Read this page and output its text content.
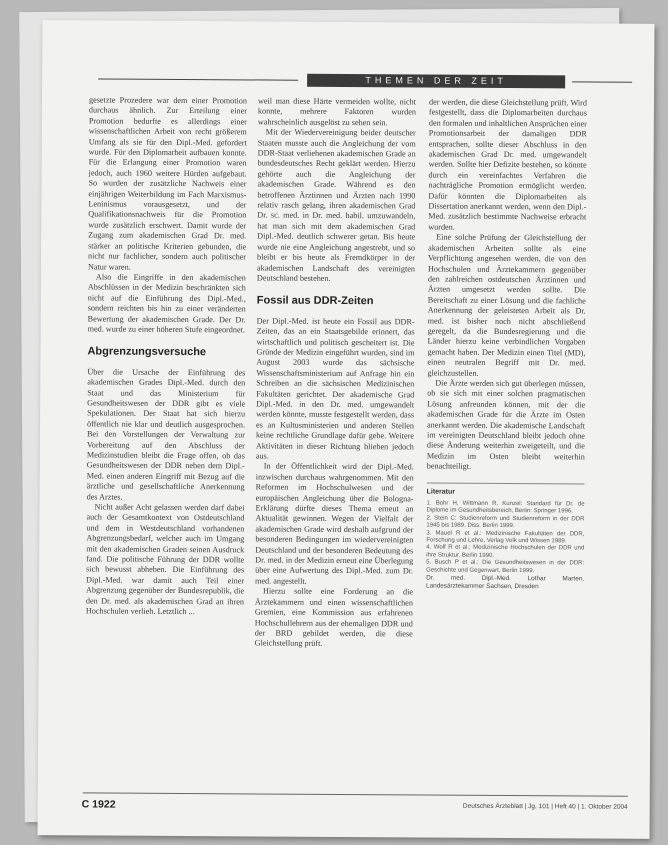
THEMEN DER ZEIT

gesetzte Prozedere war dem einer Promotion durchaus ähnlich. Zur Erteilung einer Promotion bedurfte es allerdings einer wissenschaftlichen Arbeit von recht größerem Umfang als sie für den Dipl.-Med. gefordert wurde. Für den Diplomarbeit aufbauen konnte. Für die Erlangung einer Promotion waren jedoch, auch 1960 weitere Hürden aufgebaut. So wurden der zusätzliche Nachweis einer einjährigen Weiterbildung im Fach Marxismus-Leninismus vorausgesetzt, und der Qualifikationsnachweis für die Promotion wurde zusätzlich erschwert. Damit wurde der Zugang zum akademischen Grad Dr. med. stärker an politische Kriterien gebunden, die nicht nur fachlicher, sondern auch politischer Natur waren.

Also die Eingriffe in den akademischen Abschlüssen in der Medizin beschränkten sich nicht auf die Einführung des Dipl.-Med., sondern reichten bis hin zu einer veränderten Bewertung der akademischen Grade. Der Dr. med. wurde zu einer höheren Stufe eingeordnet.

Abgrenzungsversuche

Über die Ursache der Einführung des akademischen Grades Dipl.-Med. durch den Staat und das Ministerium für Gesundheitswesen der DDR gibt es viele Spekulationen. Der Staat hat sich hierzu öffentlich nie klar und deutlich ausgesprochen. Bei den Vorstellungen der Verwaltung zur Vorbereitung auf den Abschluss der Medizinstudien bleibt die Frage offen, ob das Gesundheitswesen der DDR neben dem Dipl.-Med. einen anderen Eingriff mit Bezug auf die ärztliche und gesellschaftliche Anerkennung des Arztes.

Nicht außer Acht gelassen werden darf dabei auch der Gesamtkontext von Ostdeutschland und dem in Westdeutschland vorhandenen Abgrenzungsbedarf, welcher auch im Umgang mit den akademischen Graden seinen Ausdruck fand. Die politische Führung der DDR wollte sich bewusst abheben. Die Einführung des Dipl.-Med. war damit auch Teil einer Abgrenzung gegenüber der Bundesrepublik, die den Dr. med. als akademischen Grad an ihren Hochschulen verlieh. Letztlich ...

weil man diese Härte vermeiden wollte, nicht konnte, mehrere Faktoren wurden wahrscheinlich ausgelöst zu sehen sein.

Mit der Wiedervereinigung beider deutscher Staaten musste auch die Angleichung der vom DDR-Staat verliehenen akademischen Grade an bundesdeutsches Recht geklärt werden. Hierzu gehörte auch die Angleichung der akademischen Grade. Während es den betroffenen Ärztinnen und Ärzten nach 1990 relativ rasch gelang, ihren akademischen Grad Dr. sc. med. in Dr. med. habil. umzuwandeln, hat man sich mit dem akademischen Grad Dipl.-Med. deutlich schwerer getan. Bis heute wurde nie eine Angleichung angestrebt, und so bleibt er bis heute als Fremdkörper in der akademischen Landschaft des vereinigten Deutschland bestehen.

Fossil aus DDR-Zeiten

Der Dipl.-Med. ist heute ein Fossil aus DDR-Zeiten, das an ein Staatsgebilde erinnert, das wirtschaftlich und politisch gescheitert ist. Die Gründe der Medizin eingeführt wurden, sind im August 2003 wurde das sächsische Wissenschaftsministerium auf Anfrage hin ein Schreiben an die sächsischen Medizinischen Fakultäten gerichtet. Der akademische Grad Dipl.-Med. in den Dr. med. umgewandelt werden könnte, musste festgestellt werden, dass es an Kultusministerien und anderen Stellen keine rechtliche Grundlage dafür gebe. Weitere Aktivitäten in dieser Richtung blieben jedoch aus.

In der Öffentlichkeit wird der Dipl.-Med. inzwischen durchaus wahrgenommen. Mit den Reformen im Hochschulwesen und der europäischen Angleichung über die Bologna-Erklärung dürfte dieses Thema erneut an Aktualität gewinnen. Wegen der Vielfalt der akademischen Grade wird deshalb aufgrund der besonderen Bedingungen im wiedervereinigten Deutschland und der besonderen Bedeutung des Dr. med. in der Medizin erneut eine Überlegung über eine Aufwertung des Dipl.-Med. zum Dr. med. angestellt.

Hierzu sollte eine Forderung an die Ärztekammern und einen wissenschaftlichen Gremien, eine Kommission aus erfahrenen Hochschullehrern aus der ehemaligen DDR und der BRD gebildet werden, die diese Gleichstellung prüft.

der werden, die diese Gleichstellung prüft. Wird festgestellt, dass die Diplomarbeiten durchaus den formalen und inhaltlichen Ansprüchen einer Promotionsarbeit der damaligen DDR entsprachen, sollte dieser Abschluss in den akademischen Grad Dr. med. umgewandelt werden. Sollte hier Defizite bestehen, so könnte durch ein vereinfachtes Verfahren die nachträgliche Promotion ermöglicht werden. Dafür könnten die Diplomarbeiten als Dissertation anerkannt werden, wenn den Dipl.-Med. zusätzlich bestimmte Nachweise erbracht wurden.

Eine solche Prüfung der Gleichstellung der akademischen Arbeiten sollte als eine Verpflichtung angesehen werden, die von den Hochschulen und Ärztekammern gegenüber den zahlreichen ostdeutschen Ärztinnen und Ärzten umgesetzt werden sollte. Die Bereitschaft zu einer Lösung und die fachliche Anerkennung der geleisteten Arbeit als Dr. med. ist bisher noch nicht abschließend geregelt, da die Bundesregierung und die Länder hierzu keine verbindlichen Vorgaben gemacht haben. Der Medizin einen Titel (MD), einen neutralen Begriff mit Dr. med. gleichzustellen.

Die Ärzte werden sich gut überlegen müssen, ob sie sich mit einer solchen pragmatischen Lösung anfreunden können, mit der die akademischen Grade für die Ärzte im Osten anerkannt werden. Die akademische Landschaft im vereinigten Deutschland bleibt jedoch ohne diese Änderung weiterhin zweigeteilt, und die Medizin im Osten bleibt weiterhin benachteiligt.

Literatur

1. Bohr H, Wittmann R, Kunzel: Standard für Dr. de Diplome im Gesundheitsbereich, Berlin: Springer 1996.

2. Stein C: Studienreform und Studienreform in der DDR 1945 bis 1989. Diss. Berlin 1999.

3. Mauel R et al.: Medizinische Fakultäten der DDR, Forschung und Lehre, Verlag Volk und Wissen 1989.

4. Wolf R et al.: Medizinische Hochschulen der DDR und ihre Struktur, Berlin 1990.

5. Busch P et al.: Die Gesundheitswesen in der DDR: Geschichte und Gegenwart, Berlin 1999.

Dr. med. Dipl.-Med. Lothar Marten, Landesärztekammer Sachsen, Dresden

C 1922	Deutsches Ärzteblatt | Jg. 101 | Heft 40 | 1. Oktober 2004
